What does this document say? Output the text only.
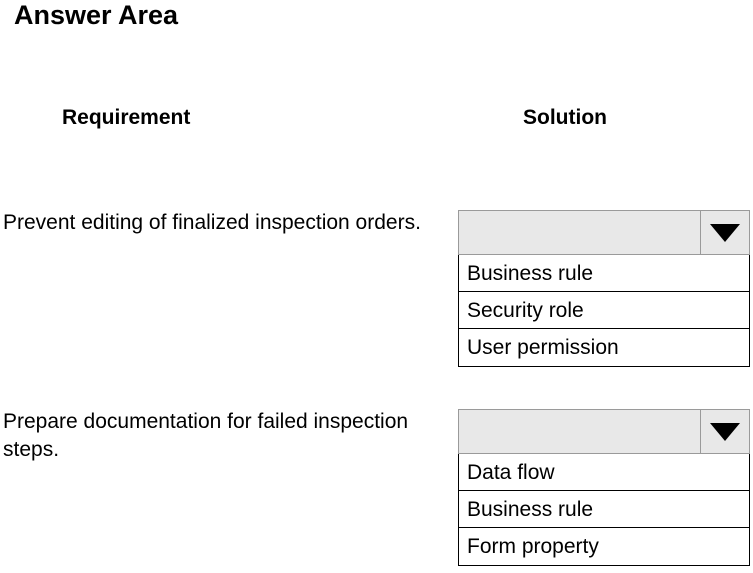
Answer Area
Requirement	Solution
Prevent editing of finalized inspection orders.
Business rule
Security role
User permission
Prepare documentation for failed inspection steps.
Data flow
Business rule
Form property
